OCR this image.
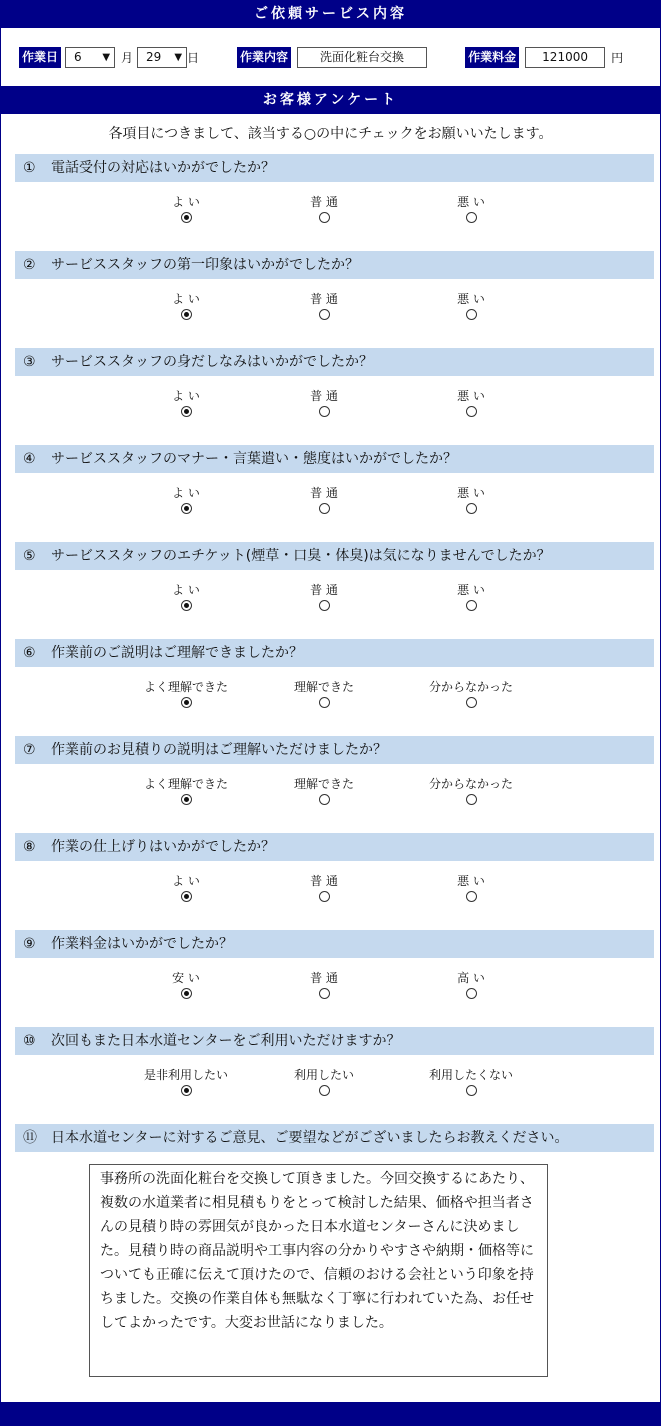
ご依頼サービス内容
作業日 6 ▼ 月 29 ▼ 日	作業内容	洗面化粧台交換	作業料金	121000	円
お客様アンケート
各項目につきまして、該当する○の中にチェックをお願いいたします。
① 電話受付の対応はいかがでしたか？
よ い	普 通	悪 い
② サービススタッフの第一印象はいかがでしたか？
よ い	普 通	悪 い
③ サービススタッフの身だしなみはいかがでしたか？
よ い	普 通	悪 い
④ サービススタッフのマナー・言葉遣い・態度はいかがでしたか？
よ い	普 通	悪 い
⑤ サービススタッフのエチケット(煙草・口臭・体臭)は気になりませんでしたか？
よ い	普 通	悪 い
⑥ 作業前のご説明はご理解できましたか？
よく理解できた	理解できた	分からなかった
⑦ 作業前のお見積りの説明はご理解いただけましたか？
よく理解できた	理解できた	分からなかった
⑧ 作業の仕上げりはいかがでしたか？
よ い	普 通	悪 い
⑨ 作業料金はいかがでしたか？
安 い	普 通	高 い
⑩ 次回もまた日本水道センターをご利用いただけますか？
是非利用したい	利用したい	利用したくない
⑪ 日本水道センターに対するご意見、ご要望などがございましたらお教えください。
事務所の洗面化粧台を交換して頂きました。今回交換するにあたり、複数の水道業者に相見積もりをとって検討した結果、価格や担当者さんの見積り時の雰囲気が良かった日本水道センターさんに決めました。見積り時の商品説明や工事内容の分かりやすさや納期・価格等についても正確に伝えて頂けたので、信頼のおける会社という印象を持ちました。交換の作業自体も無駄なく丁寧に行われていた為、お任せしてよかったです。大変お世話になりました。
